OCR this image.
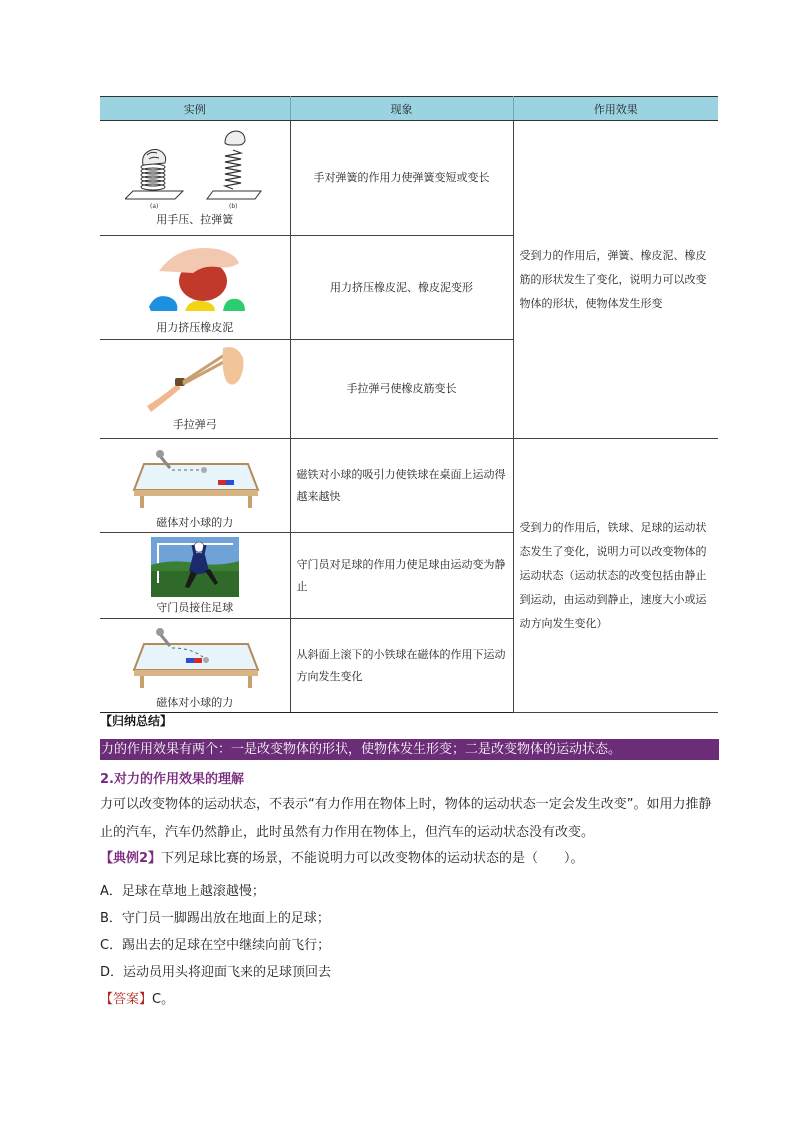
实例	现象	作用效果

(a) (b)
用手压、拉弹簧	手对弹簧的作用力使弹簧变短或变长	受到力的作用后，弹簧、橡皮泥、橡皮筋的形状发生了变化，说明力可以改变物体的形状，使物体发生形变

用力挤压橡皮泥	用力挤压橡皮泥、橡皮泥变形	

手拉弹弓	手拉弹弓使橡皮筋变长	

磁体对小球的力	磁铁对小球的吸引力使铁球在桌面上运动得越来越快	受到力的作用后，铁球、足球的运动状态发生了变化，说明力可以改变物体的运动状态（运动状态的改变包括由静止到运动，由运动到静止，速度大小或运动方向发生变化）

守门员接住足球	守门员对足球的作用力使足球由运动变为静止	

磁体对小球的力	从斜面上滚下的小铁球在磁体的作用下运动方向发生变化	
【归纳总结】
力的作用效果有两个：一是改变物体的形状，使物体发生形变；二是改变物体的运动状态。
2.对力的作用效果的理解
力可以改变物体的运动状态，不表示“有力作用在物体上时，物体的运动状态一定会发生改变”。如用力推静止的汽车，汽车仍然静止，此时虽然有力作用在物体上，但汽车的运动状态没有改变。
【典例2】下列足球比赛的场景，不能说明力可以改变物体的运动状态的是（　　）。
A．足球在草地上越滚越慢；
B．守门员一脚踢出放在地面上的足球；
C．踢出去的足球在空中继续向前飞行；
D．运动员用头将迎面飞来的足球顶回去
【答案】C。
